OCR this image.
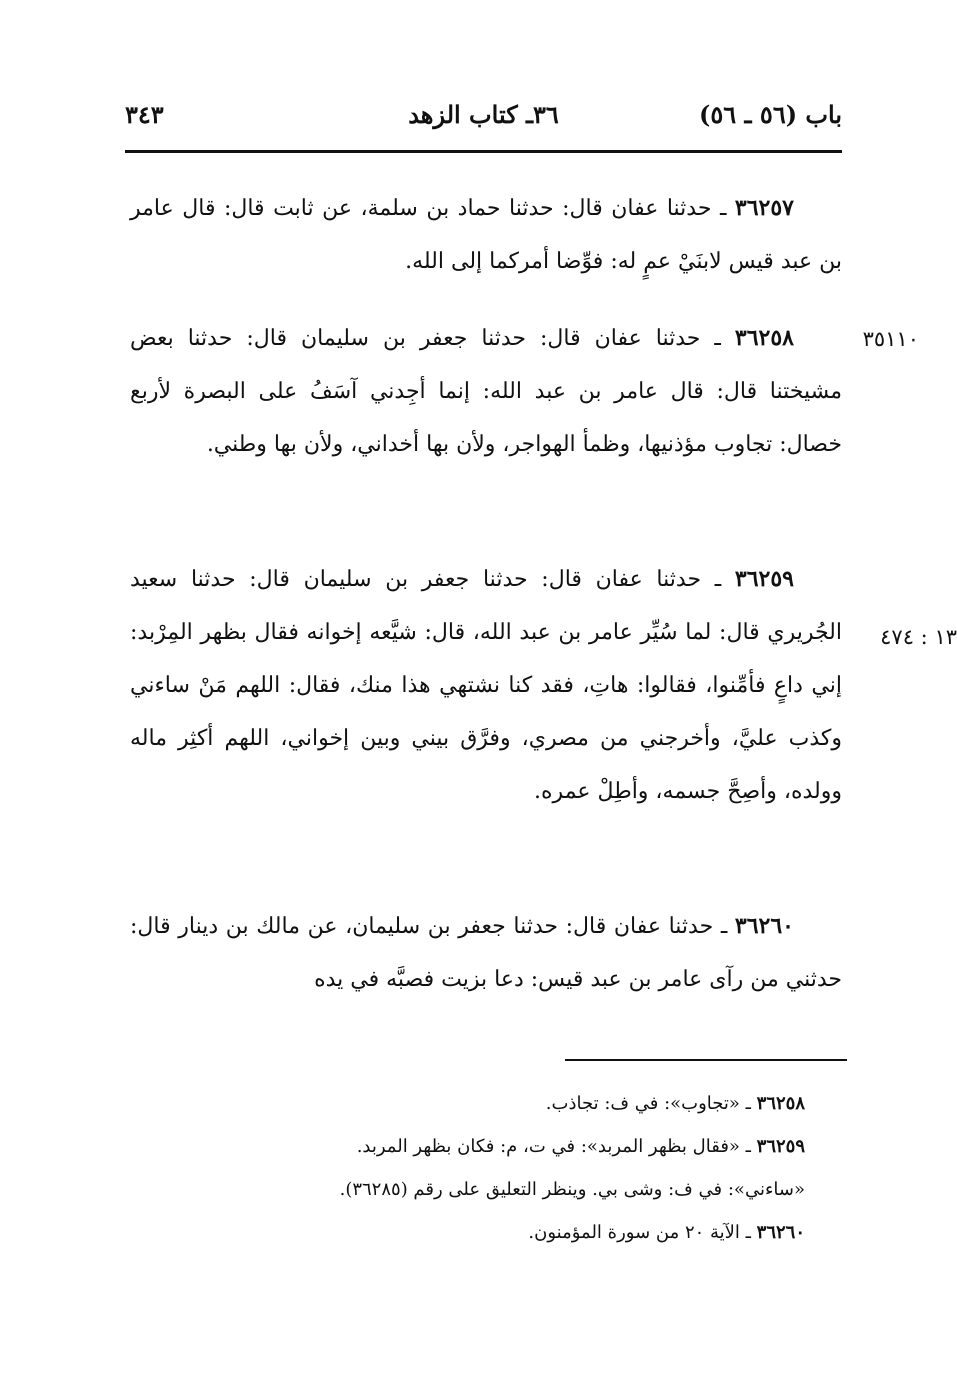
باب (٥٦ ـ ٥٦)
٣٦ـ كتاب الزهد
٣٤٣
٣٦٢٥٧ ـ حدثنا عفان قال: حدثنا حماد بن سلمة، عن ثابت قال: قال عامر بن عبد قيس لابنَيْ عمٍ له: فوِّضا أمركما إلى الله.
٣٥١١٠
٣٦٢٥٨ ـ حدثنا عفان قال: حدثنا جعفر بن سليمان قال: حدثنا بعض مشيختنا قال: قال عامر بن عبد الله: إنما أجِدني آسَفُ على البصرة لأربع خصال: تجاوب مؤذنيها، وظمأ الهواجر، ولأن بها أخداني، ولأن بها وطني.
١٣ : ٤٧٤
٣٦٢٥٩ ـ حدثنا عفان قال: حدثنا جعفر بن سليمان قال: حدثنا سعيد الجُريري قال: لما سُيِّر عامر بن عبد الله، قال: شيَّعه إخوانه فقال بظهر المِرْبد: إني داعٍ فأمِّنوا، فقالوا: هاتِ، فقد كنا نشتهي هذا منك، فقال: اللهم مَنْ ساءني وكذب عليَّ، وأخرجني من مصري، وفرَّق بيني وبين إخواني، اللهم أكثِر ماله وولده، وأصِحَّ جسمه، وأطِلْ عمره.
٣٦٢٦٠ ـ حدثنا عفان قال: حدثنا جعفر بن سليمان، عن مالك بن دينار قال: حدثني من رآى عامر بن عبد قيس: دعا بزيت فصبَّه في يده
٣٦٢٥٨ ـ «تجاوب»: في ف: تجاذب.
٣٦٢٥٩ ـ «فقال بظهر المربد»: في ت، م: فكان بظهر المربد.
«ساءني»: في ف: وشى بي. وينظر التعليق على رقم (٣٦٢٨٥).
٣٦٢٦٠ ـ الآية ٢٠ من سورة المؤمنون.
